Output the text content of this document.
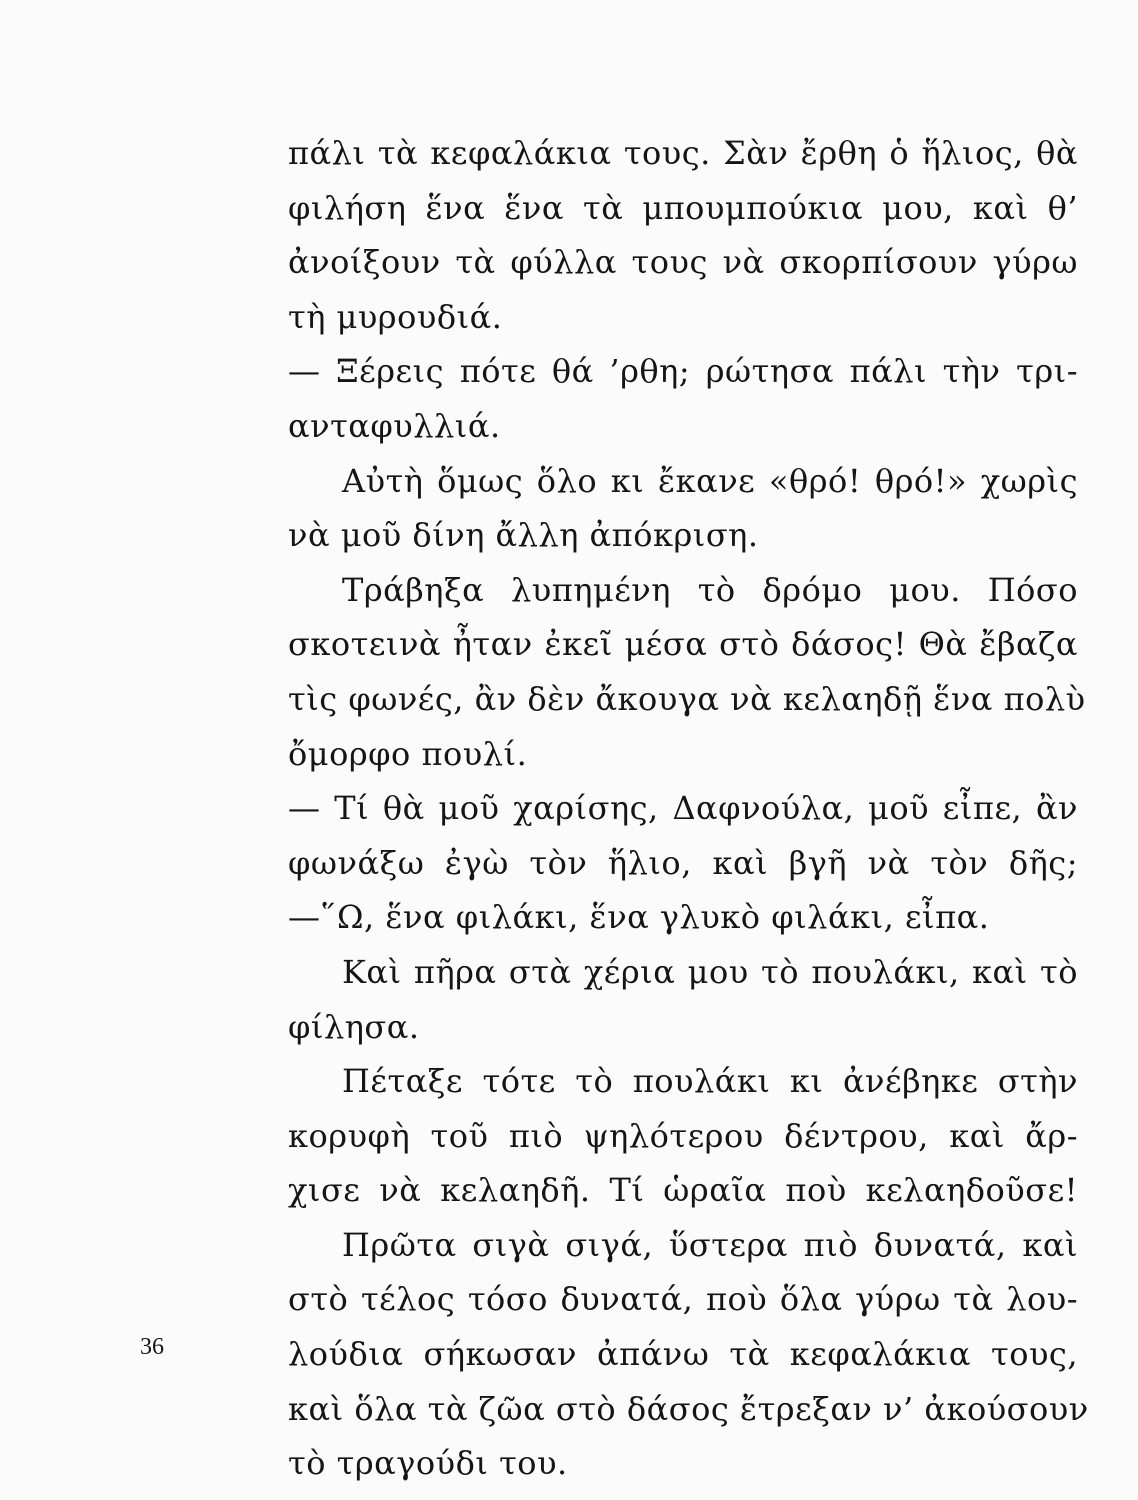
πάλι τὰ κεφαλάκια τους. Σὰν ἔρθη ὁ ἥλιος, θὰ
φιλήση ἕνα ἕνα τὰ μπουμπούκια μου, καὶ θ’
ἀνοίξουν τὰ φύλλα τους νὰ σκορπίσουν γύρω
τὴ μυρουδιά.
— Ξέρεις πότε θά ’ρθη; ρώτησα πάλι τὴν τρι-
ανταφυλλιά.
Αὐτὴ ὅμως ὅλο κι ἔκανε «θρό! θρό!» χωρὶς
νὰ μοῦ δίνη ἄλλη ἀπόκριση.
Τράβηξα λυπημένη τὸ δρόμο μου. Πόσο
σκοτεινὰ ἦταν ἐκεῖ μέσα στὸ δάσος! Θὰ ἔβαζα
τὶς φωνές, ἂν δὲν ἄκουγα νὰ κελαηδῇ ἕνα πολὺ
ὄμορφο πουλί.
— Τί θὰ μοῦ χαρίσης, Δαφνούλα, μοῦ εἶπε, ἂν
φωνάξω ἐγὼ τὸν ἥλιο, καὶ βγῆ νὰ τὸν δῆς;
—῞Ω, ἕνα φιλάκι, ἕνα γλυκὸ φιλάκι, εἶπα.
Καὶ πῆρα στὰ χέρια μου τὸ πουλάκι, καὶ τὸ
φίλησα.
Πέταξε τότε τὸ πουλάκι κι ἀνέβηκε στὴν
κορυφὴ τοῦ πιὸ ψηλότερου δέντρου, καὶ ἄρ-
χισε νὰ κελαηδῆ. Τί ὡραῖα ποὺ κελαηδοῦσε!
Πρῶτα σιγὰ σιγά, ὕστερα πιὸ δυνατά, καὶ
στὸ τέλος τόσο δυνατά, ποὺ ὅλα γύρω τὰ λου-
λούδια σήκωσαν ἀπάνω τὰ κεφαλάκια τους,
καὶ ὅλα τὰ ζῶα στὸ δάσος ἔτρεξαν ν’ ἀκούσουν
τὸ τραγούδι του.
36
